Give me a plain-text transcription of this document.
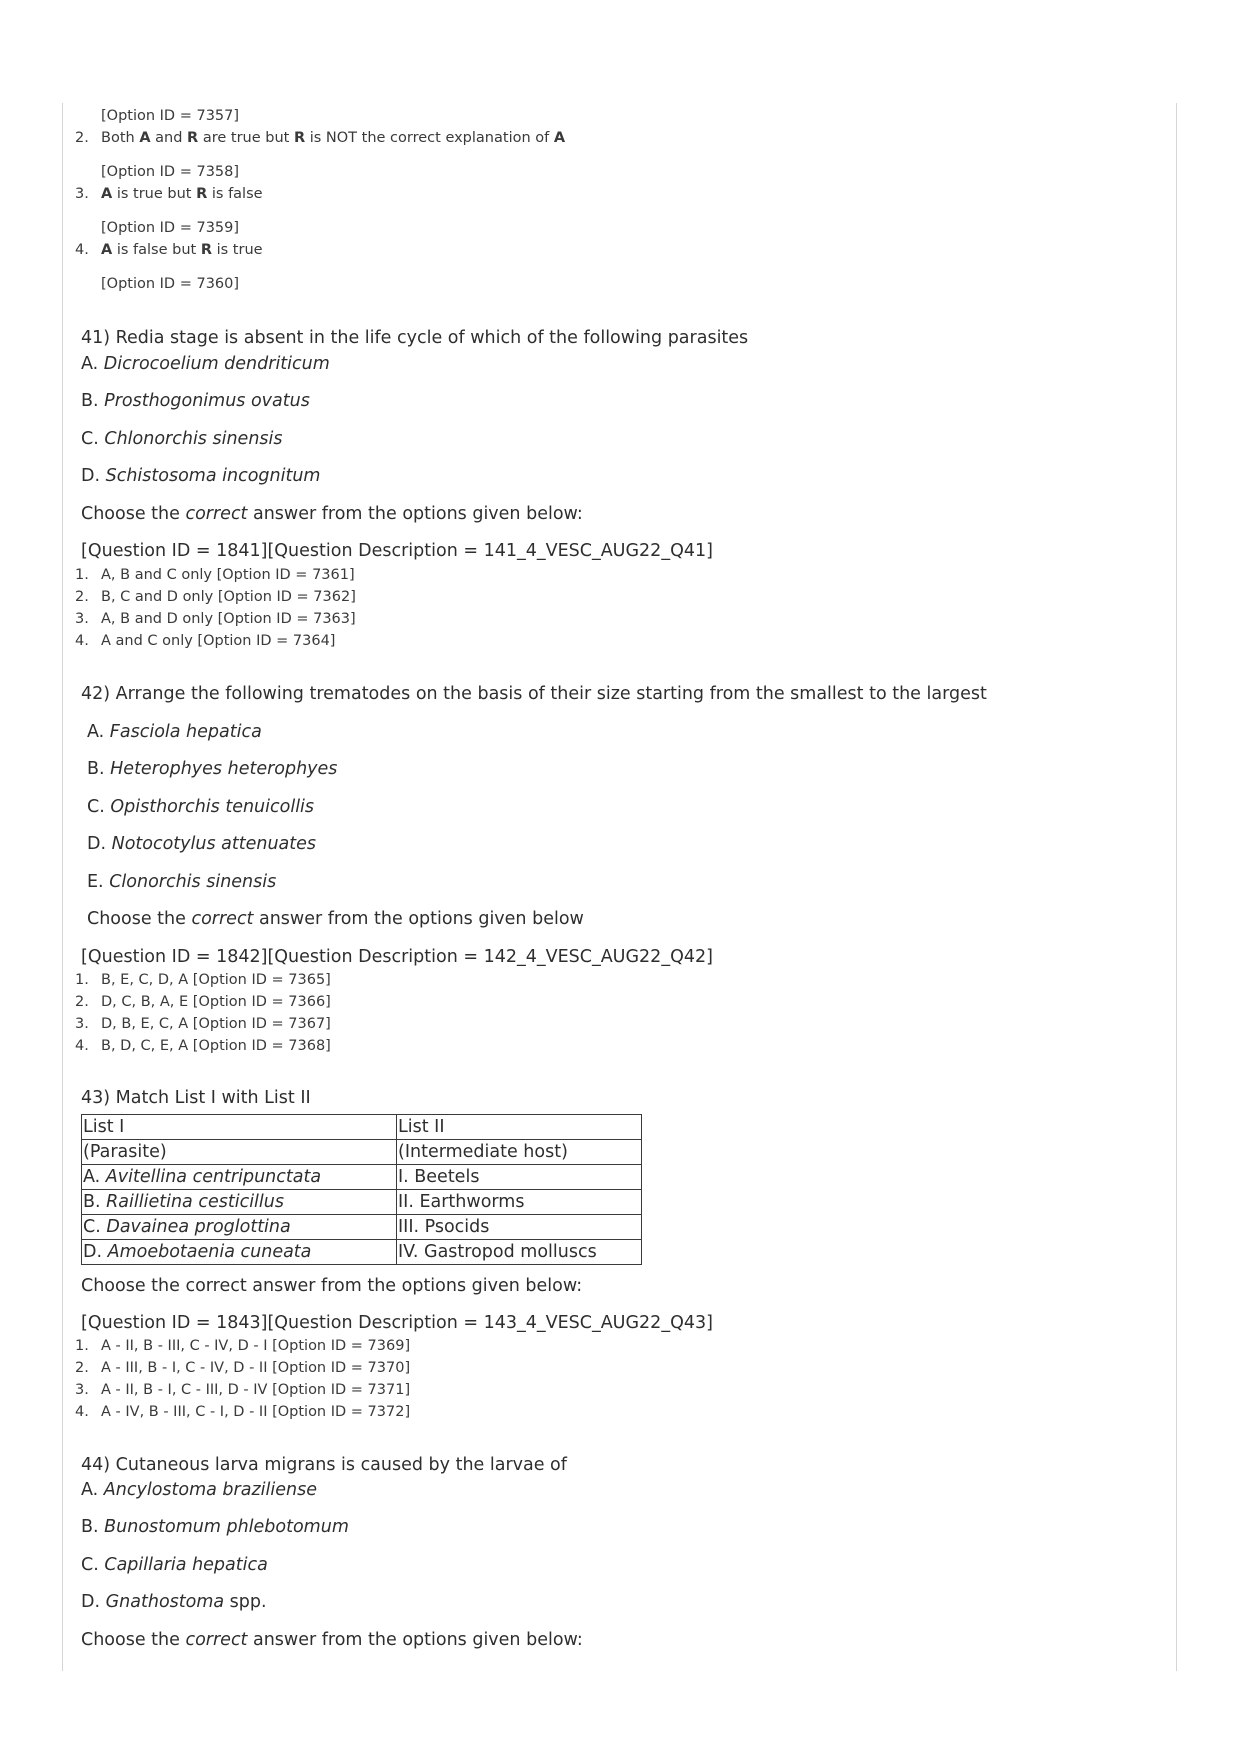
[Option ID = 7357]
2. Both A and R are true but R is NOT the correct explanation of A
[Option ID = 7358]
3. A is true but R is false
[Option ID = 7359]
4. A is false but R is true
[Option ID = 7360]
41) Redia stage is absent in the life cycle of which of the following parasites
A. Dicrocoelium dendriticum
B. Prosthogonimus ovatus
C. Chlonorchis sinensis
D. Schistosoma incognitum
Choose the correct answer from the options given below:
[Question ID = 1841][Question Description = 141_4_VESC_AUG22_Q41]
1. A, B and C only [Option ID = 7361]
2. B, C and D only [Option ID = 7362]
3. A, B and D only [Option ID = 7363]
4. A and C only [Option ID = 7364]
42) Arrange the following trematodes on the basis of their size starting from the smallest to the largest
A. Fasciola hepatica
B. Heterophyes heterophyes
C. Opisthorchis tenuicollis
D. Notocotylus attenuates
E. Clonorchis sinensis
Choose the correct answer from the options given below
[Question ID = 1842][Question Description = 142_4_VESC_AUG22_Q42]
1. B, E, C, D, A [Option ID = 7365]
2. D, C, B, A, E [Option ID = 7366]
3. D, B, E, C, A [Option ID = 7367]
4. B, D, C, E, A [Option ID = 7368]
43) Match List I with List II
List I	List II
(Parasite)	(Intermediate host)
A. Avitellina centripunctata	I. Beetels
B. Raillietina cesticillus	II. Earthworms
C. Davainea proglottina	III. Psocids
D. Amoebotaenia cuneata	IV. Gastropod molluscs
Choose the correct answer from the options given below:
[Question ID = 1843][Question Description = 143_4_VESC_AUG22_Q43]
1. A - II, B - III, C - IV, D - I [Option ID = 7369]
2. A - III, B - I, C - IV, D - II [Option ID = 7370]
3. A - II, B - I, C - III, D - IV [Option ID = 7371]
4. A - IV, B - III, C - I, D - II [Option ID = 7372]
44) Cutaneous larva migrans is caused by the larvae of
A. Ancylostoma braziliense
B. Bunostomum phlebotomum
C. Capillaria hepatica
D. Gnathostoma spp.
Choose the correct answer from the options given below:
